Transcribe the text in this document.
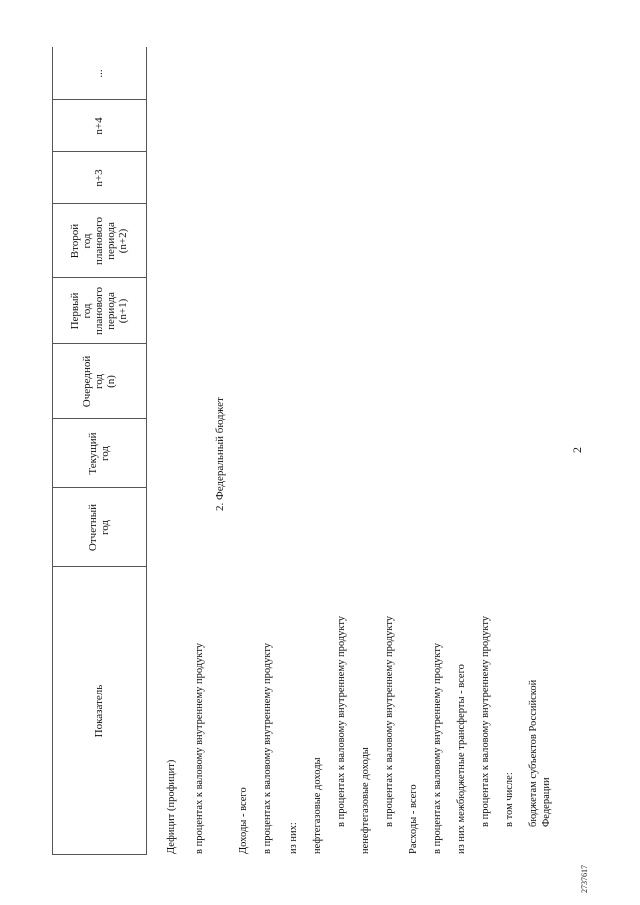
2
Показатель
Отчетный год
Текущий год
Очередной год (n)
Первый год планового периода (n+1)
Второй год планового периода (n+2)
n+3
n+4
...
Дефицит (профицит) в процентах к валовому внутреннему продукту
2. Федеральный бюджет
Доходы - всего в процентах к валовому внутреннему продукту из них: нефтегазовые доходы в процентах к валовому внутреннему продукту ненефтегазовые доходы в процентах к валовому внутреннему продукту Расходы - всего в процентах к валовому внутреннему продукту из них межбюджетные трансферты - всего в процентах к валовому внутреннему продукту в том числе: бюджетам субъектов Российской Федерации
2737617
